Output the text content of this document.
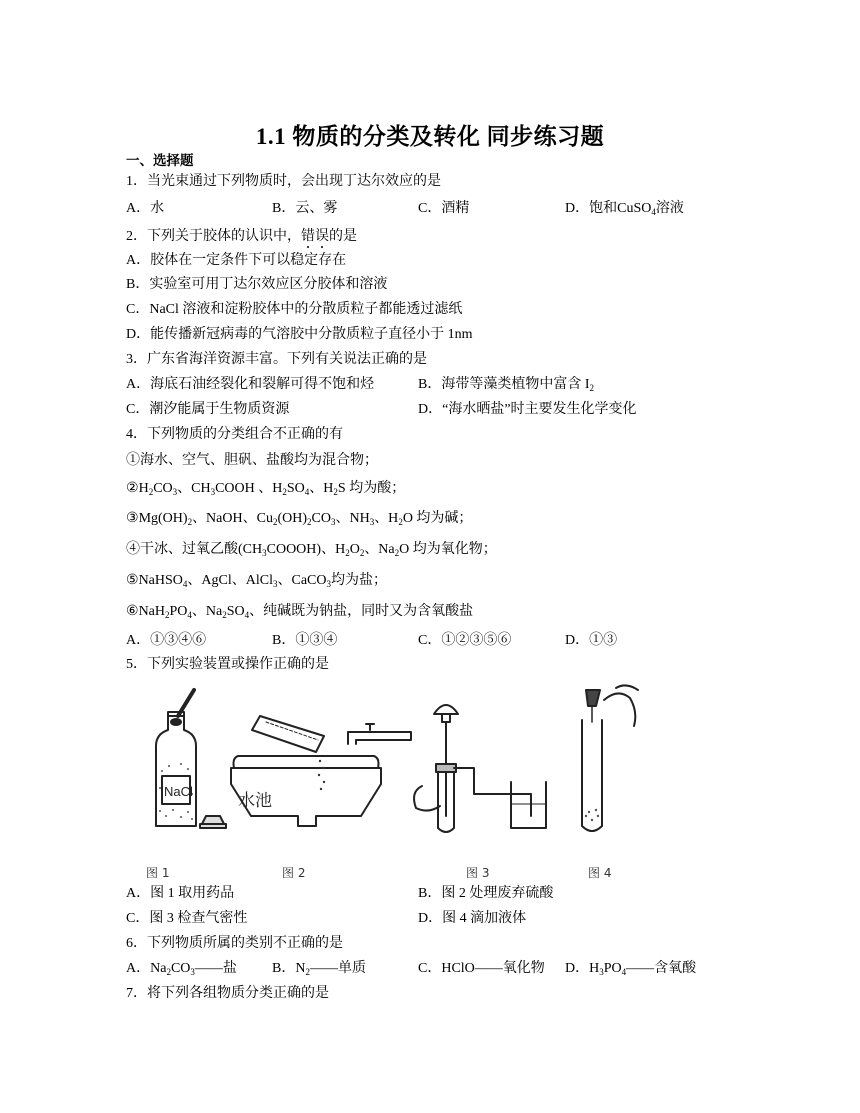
1.1 物质的分类及转化 同步练习题
一、选择题
1．当光束通过下列物质时，会出现丁达尔效应的是
A．水	B．云、雾	C．酒精	D．饱和CuSO$_4$溶液
2．下列关于胶体的认识中，错误的是
A．胶体在一定条件下可以稳定存在
B．实验室可用丁达尔效应区分胶体和溶液
C．NaCl 溶液和淀粉胶体中的分散质粒子都能透过滤纸
D．能传播新冠病毒的气溶胶中分散质粒子直径小于 1nm
3．广东省海洋资源丰富。下列有关说法正确的是
A．海底石油经裂化和裂解可得不饱和烃	B．海带等藻类植物中富含 $I_2$
C．潮汐能属于生物质资源	D．“海水晒盐”时主要发生化学变化
4．下列物质的分类组合不正确的有
①海水、空气、胆矾、盐酸均为混合物；
$②H_2CO_3$、$CH_3COOH$ 、$H_2SO_4$、$H_2S$ 均为酸；
$③Mg(OH)_2$、NaOH、$Cu_2(OH)_2CO_3$、$NH_3$、$H_2O$ 均为碱；
④干冰、过氧乙酸$(CH_3COOOH)$、$H_2O_2$、$Na_2O$ 均为氧化物；
⑤NaHSO$_4$、AgCl、AlCl$_3$、CaCO$_3$均为盐；
$⑥NaH_2PO_4$、$Na_2SO_4$、纯碱既为钠盐，同时又为含氧酸盐
A．①③④⑥	B．①③④	C．①②③⑤⑥	D．①③
5．下列实验装置或操作正确的是
NaCl	水池
图 1	图 2	图 3	图 4
A．图 1 取用药品	B．图 2 处理废弃硫酸
C．图 3 检查气密性	D．图 4 滴加液体
6．下列物质所属的类别不正确的是
A．$Na_2CO_3——$盐	B．$N_2——$单质	C．HClO——氧化物 D．$H_3PO_4——$含氧酸
7．将下列各组物质分类正确的是
